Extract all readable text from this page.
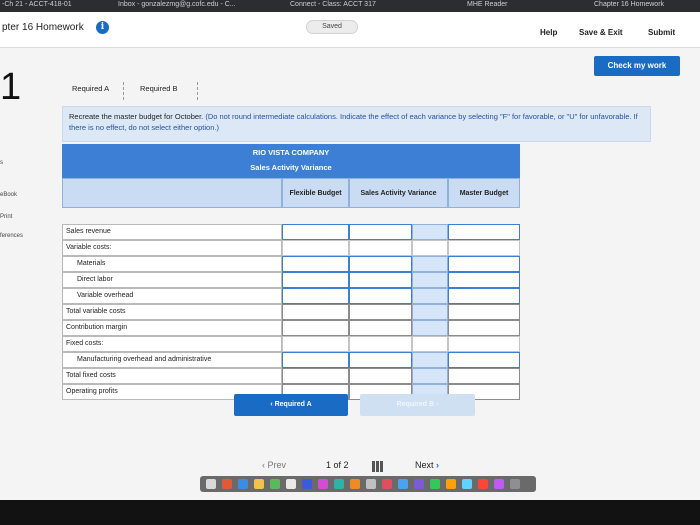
-Ch 21 - ACCT-418-01	Inbox - gonzalezmg@g.cofc.edu - C...	Connect - Class: ACCT 317	MHE Reader	Chapter 16 Homework
pter 16 Homework	i	Saved
Help	Save & Exit	Submit
Check my work
1
s
eBook
Print
ferences
Required A	Required B
Recreate the master budget for October. (Do not round intermediate calculations. Indicate the effect of each variance by selecting "F" for favorable, or "U" for unfavorable. If there is no effect, do not select either option.)
RIO VISTA COMPANY
Sales Activity Variance
Flexible Budget	Sales Activity Variance	Master Budget
Sales revenue
Variable costs:
Materials
Direct labor
Variable overhead
Total variable costs
Contribution margin
Fixed costs:
Manufacturing overhead and administrative
Total fixed costs
Operating profits
‹ Required A	Required B ›
‹ Prev	1 of 2	Next ›
